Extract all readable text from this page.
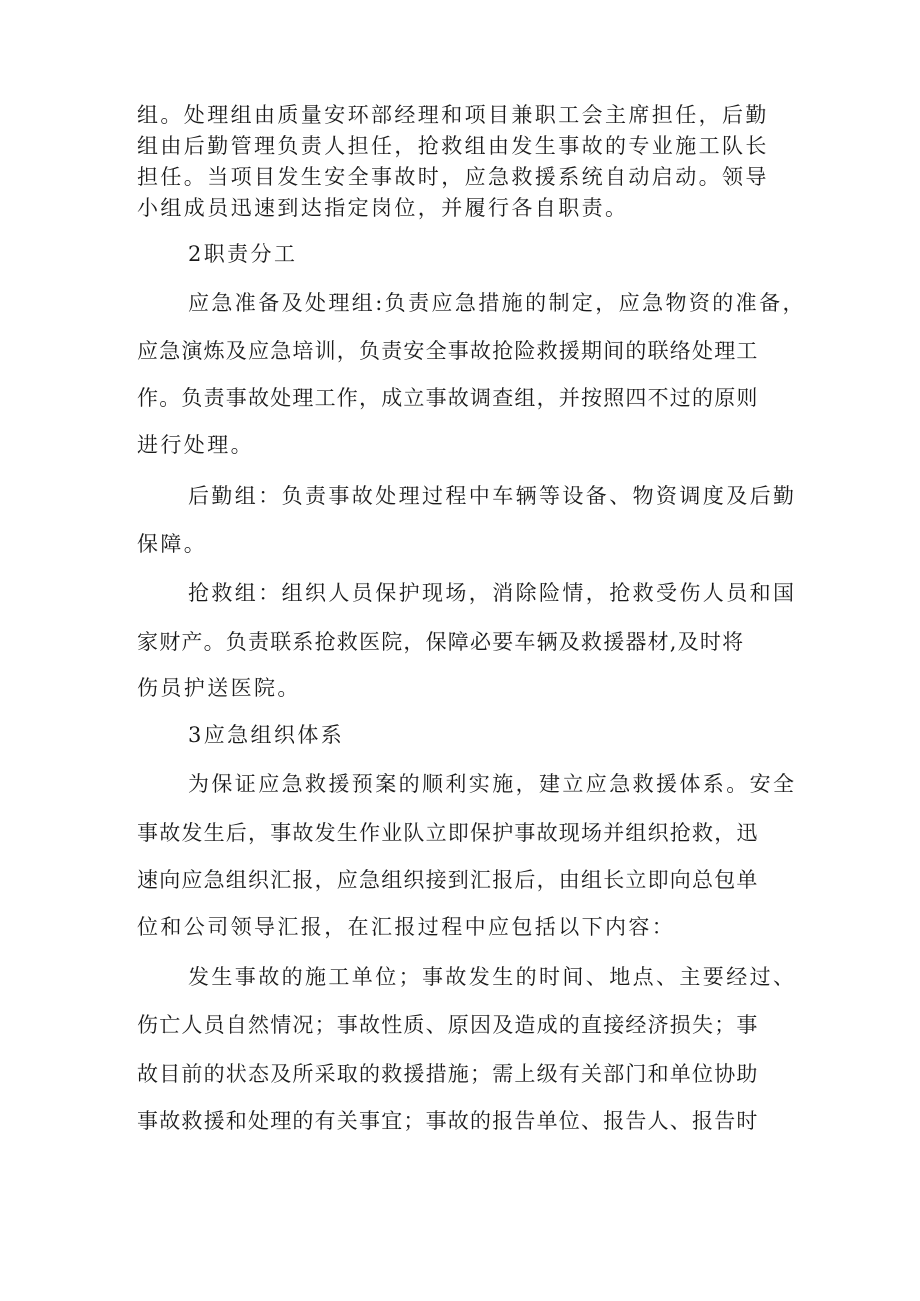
组。处理组由质量安环部经理和项目兼职工会主席担任，后勤

组由后勤管理负责人担任，抢救组由发生事故的专业施工队长

担任。当项目发生安全事故时，应急救援系统自动启动。领导

小组成员迅速到达指定岗位，并履行各自职责。

2职责分工

应急准备及处理组:负责应急措施的制定，应急物资的准备，

应急演炼及应急培训，负责安全事故抢险救援期间的联络处理工

作。负责事故处理工作，成立事故调查组，并按照四不过的原则

进行处理。

后勤组：负责事故处理过程中车辆等设备、物资调度及后勤

保障。

抢救组：组织人员保护现场，消除险情，抢救受伤人员和国

家财产。负责联系抢救医院，保障必要车辆及救援器材,及时将

伤员护送医院。

3应急组织体系

为保证应急救援预案的顺利实施，建立应急救援体系。安全

事故发生后，事故发生作业队立即保护事故现场并组织抢救，迅

速向应急组织汇报，应急组织接到汇报后，由组长立即向总包单

位和公司领导汇报，在汇报过程中应包括以下内容：

发生事故的施工单位；事故发生的时间、地点、主要经过、

伤亡人员自然情况；事故性质、原因及造成的直接经济损失；事

故目前的状态及所采取的救援措施；需上级有关部门和单位协助

事故救援和处理的有关事宜；事故的报告单位、报告人、报告时
